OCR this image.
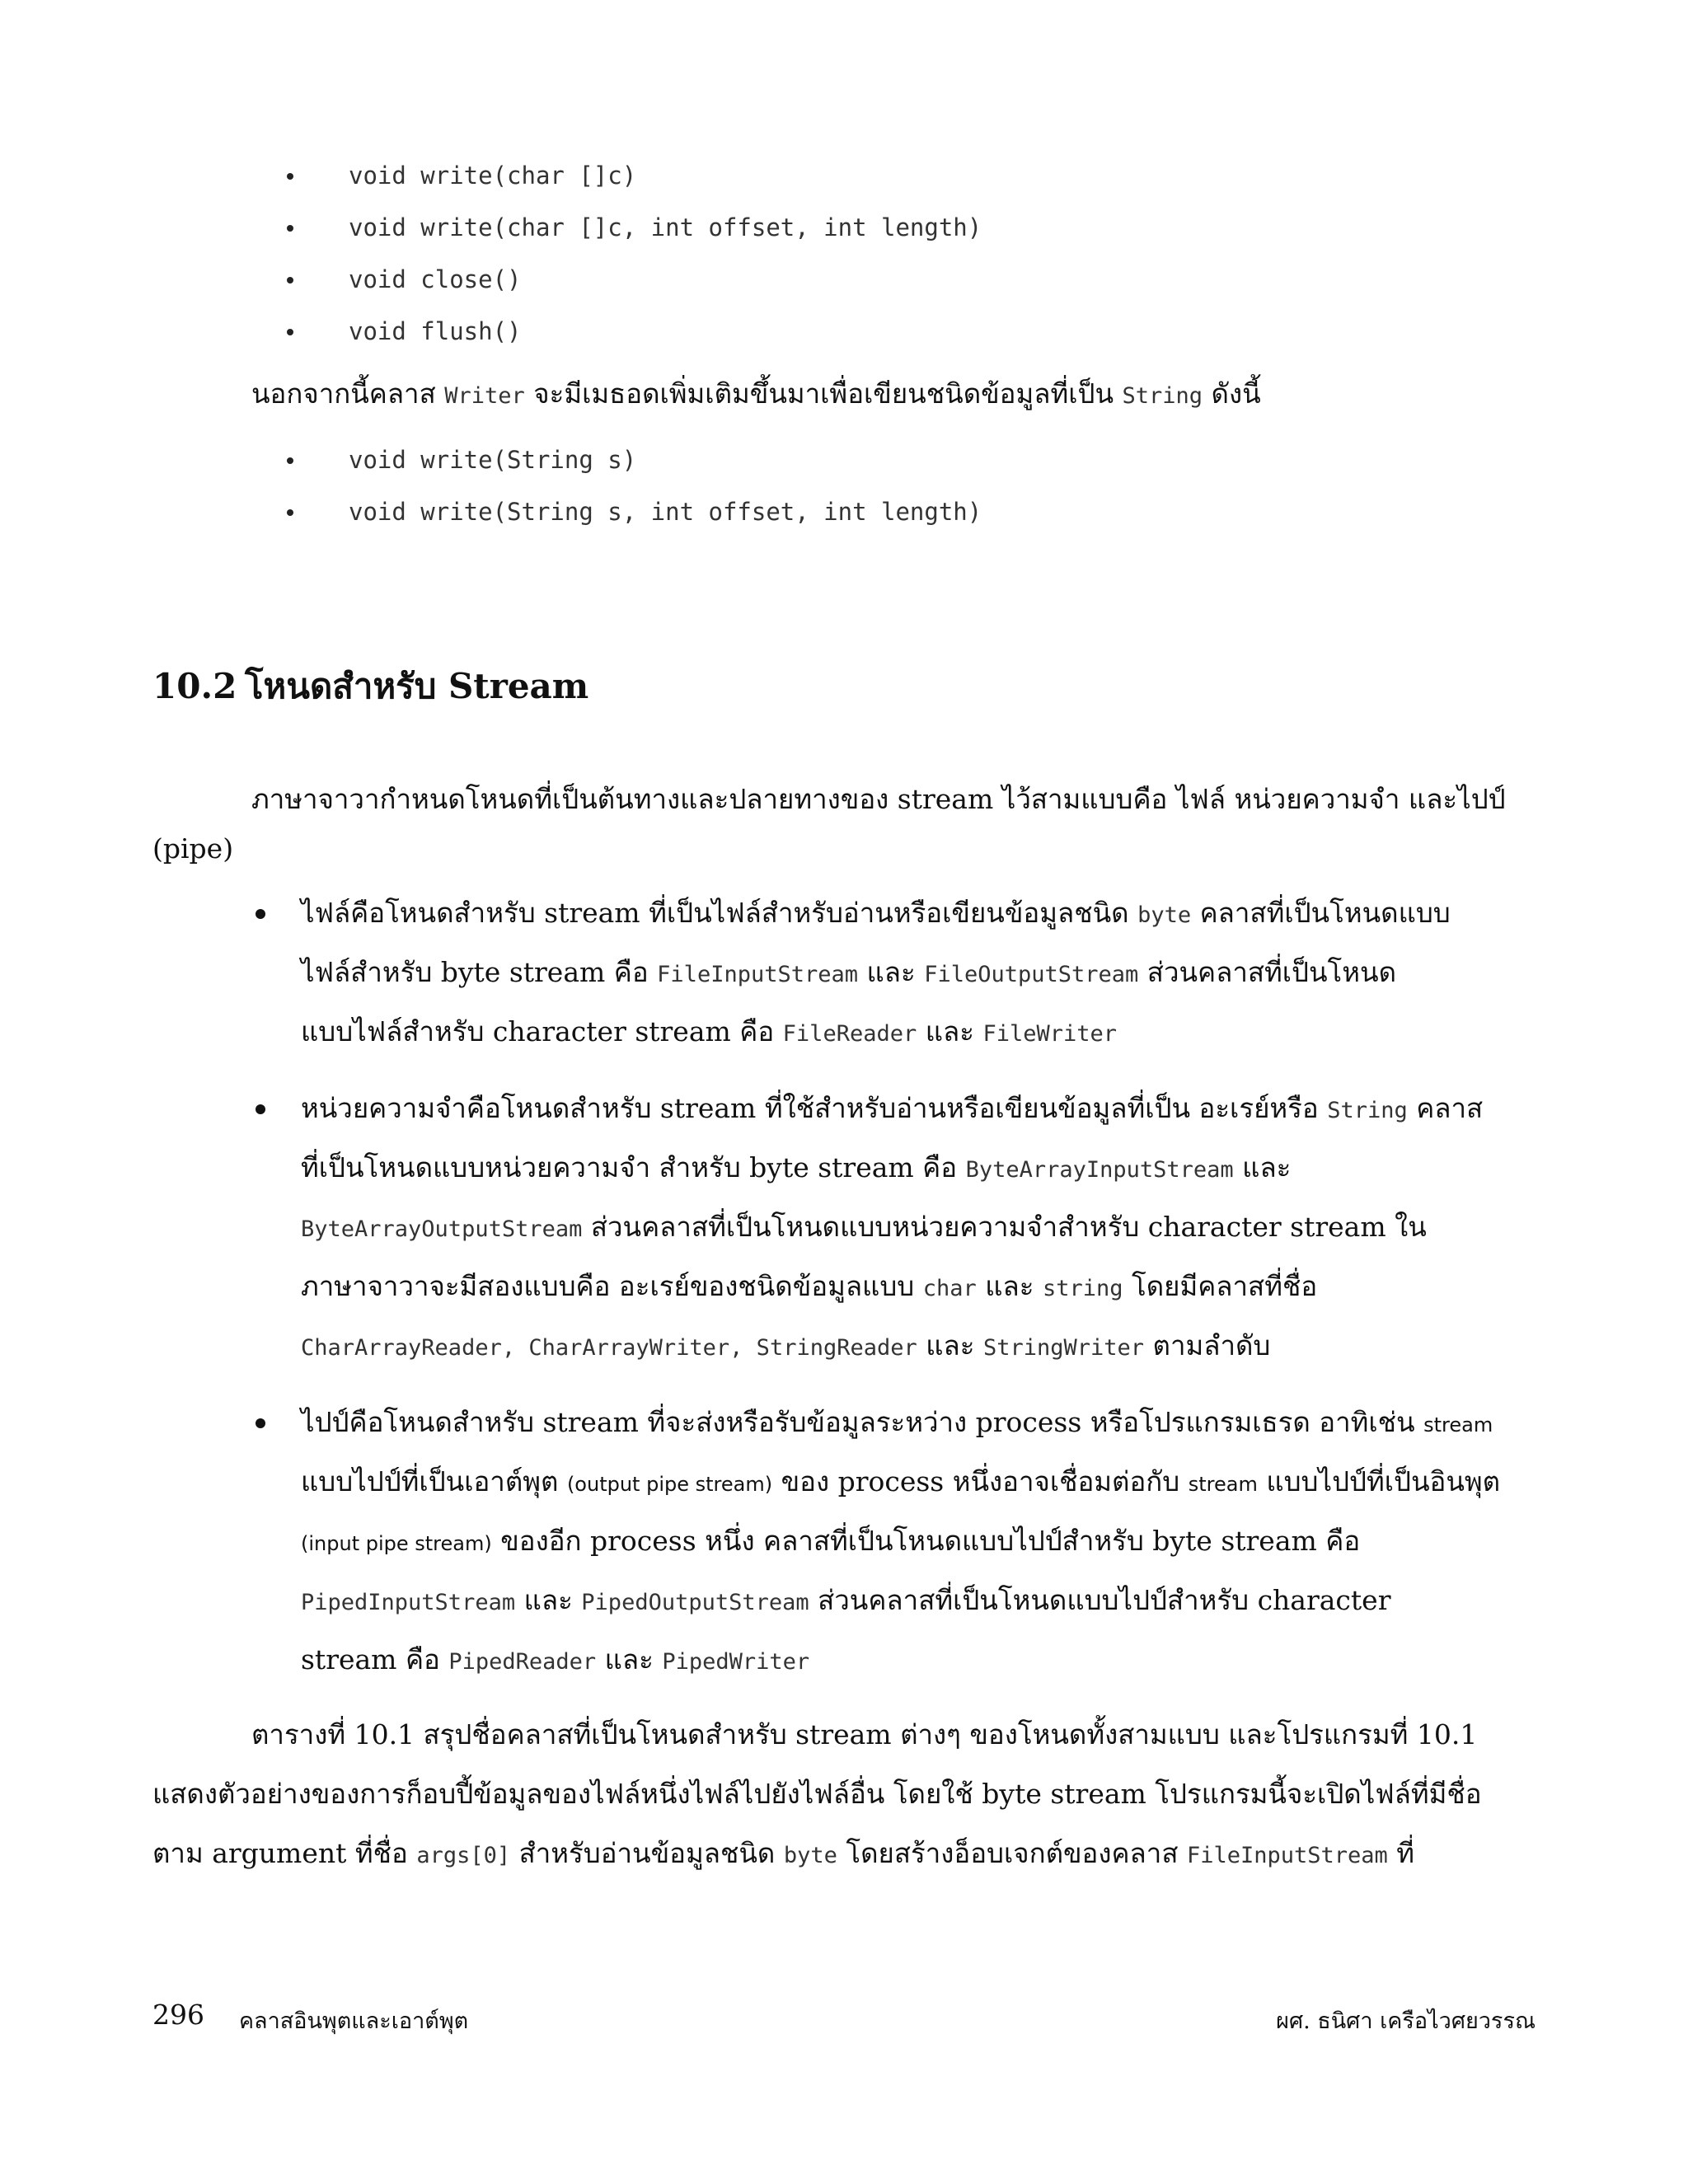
void write(char []c)
void write(char []c, int offset, int length)
void close()
void flush()

นอกจากนี้คลาส Writer จะมีเมธอดเพิ่มเติมขึ้นมาเพื่อเขียนชนิดข้อมูลที่เป็น String ดังนี้

void write(String s)
void write(String s, int offset, int length)
10.2 โหนดสำหรับ Stream

ภาษาจาวากำหนดโหนดที่เป็นต้นทางและปลายทางของ stream ไว้สามแบบคือ ไฟล์ หน่วยความจำ และไปป์

(pipe)

ไฟล์คือโหนดสำหรับ stream ที่เป็นไฟล์สำหรับอ่านหรือเขียนข้อมูลชนิด byte คลาสที่เป็นโหนดแบบ
ไฟล์สำหรับ byte stream คือ FileInputStream และ FileOutputStream ส่วนคลาสที่เป็นโหนด
แบบไฟล์สำหรับ character stream คือ FileReader และ FileWriter
หน่วยความจำคือโหนดสำหรับ stream ที่ใช้สำหรับอ่านหรือเขียนข้อมูลที่เป็น อะเรย์หรือ String คลาส
ที่เป็นโหนดแบบหน่วยความจำ สำหรับ byte stream คือ ByteArrayInputStream และ
ByteArrayOutputStream ส่วนคลาสที่เป็นโหนดแบบหน่วยความจำสำหรับ character stream ใน
ภาษาจาวาจะมีสองแบบคือ อะเรย์ของชนิดข้อมูลแบบ char และ string โดยมีคลาสที่ชื่อ
CharArrayReader, CharArrayWriter, StringReader และ StringWriter ตามลำดับ
ไปป์คือโหนดสำหรับ stream ที่จะส่งหรือรับข้อมูลระหว่าง process หรือโปรแกรมเธรด อาทิเช่น stream
แบบไปป์ที่เป็นเอาต์พุต (output pipe stream) ของ process หนึ่งอาจเชื่อมต่อกับ stream แบบไปป์ที่เป็นอินพุต
(input pipe stream) ของอีก process หนึ่ง คลาสที่เป็นโหนดแบบไปป์สำหรับ byte stream คือ
PipedInputStream และ PipedOutputStream ส่วนคลาสที่เป็นโหนดแบบไปป์สำหรับ character
stream คือ PipedReader และ PipedWriter

ตารางที่ 10.1 สรุปชื่อคลาสที่เป็นโหนดสำหรับ stream ต่างๆ ของโหนดทั้งสามแบบ และโปรแกรมที่ 10.1

แสดงตัวอย่างของการก็อบปี้ข้อมูลของไฟล์หนึ่งไฟล์ไปยังไฟล์อื่น โดยใช้ byte stream โปรแกรมนี้จะเปิดไฟล์ที่มีชื่อ

ตาม argument ที่ชื่อ args[0] สำหรับอ่านข้อมูลชนิด byte โดยสร้างอ็อบเจกต์ของคลาส FileInputStream ที่

296 คลาสอินพุตและเอาต์พุต	ผศ. ธนิศา เครือไวศยวรรณ
